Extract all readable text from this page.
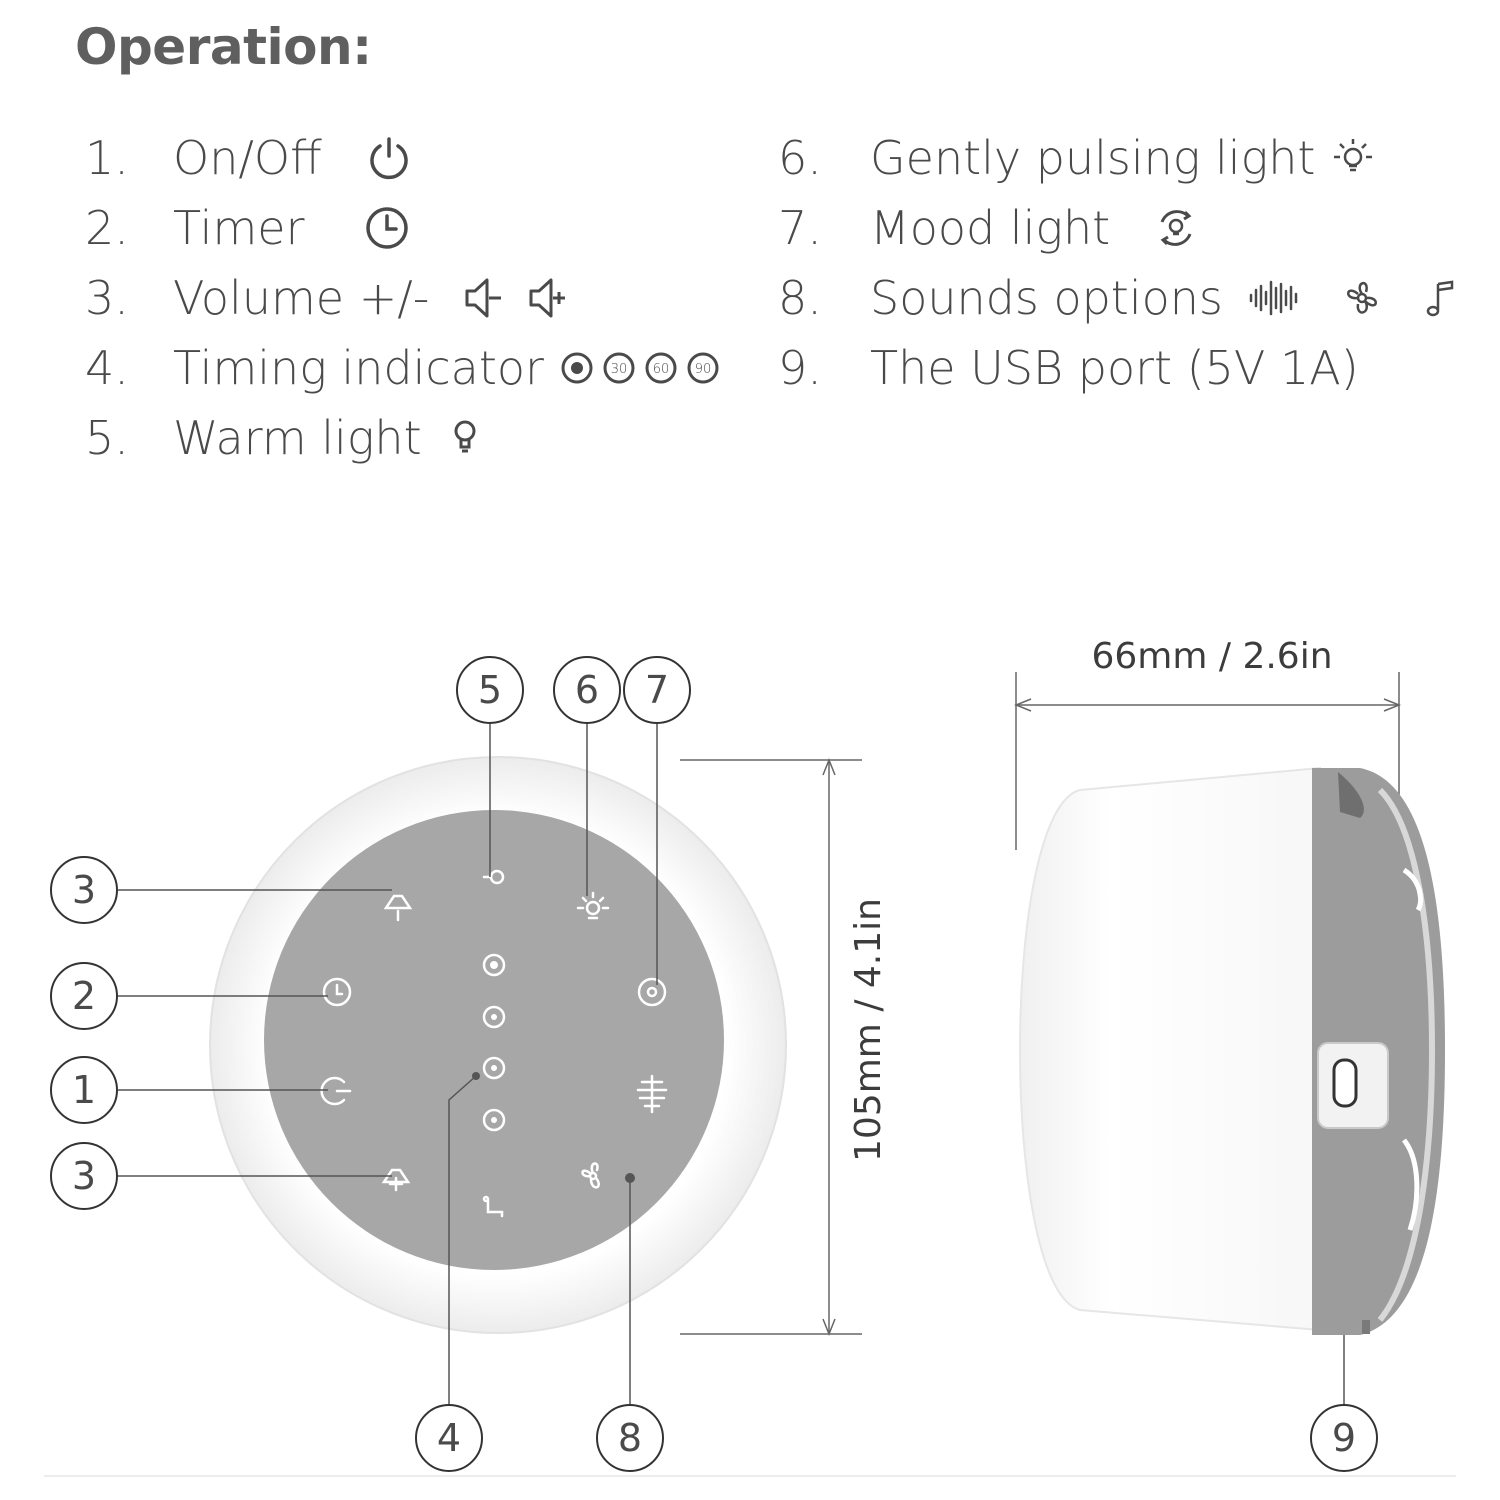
Operation:
1. On/Off
2. Timer
3. Volume +/-
4. Timing indicator	30 60 90
5. Warm light
6. Gently pulsing light
7. Mood light
8. Sounds options
9. The USB port (5V 1A)
5 6 7
3
2
1
3
4	8	9
105mm / 4.1in
66mm / 2.6in
